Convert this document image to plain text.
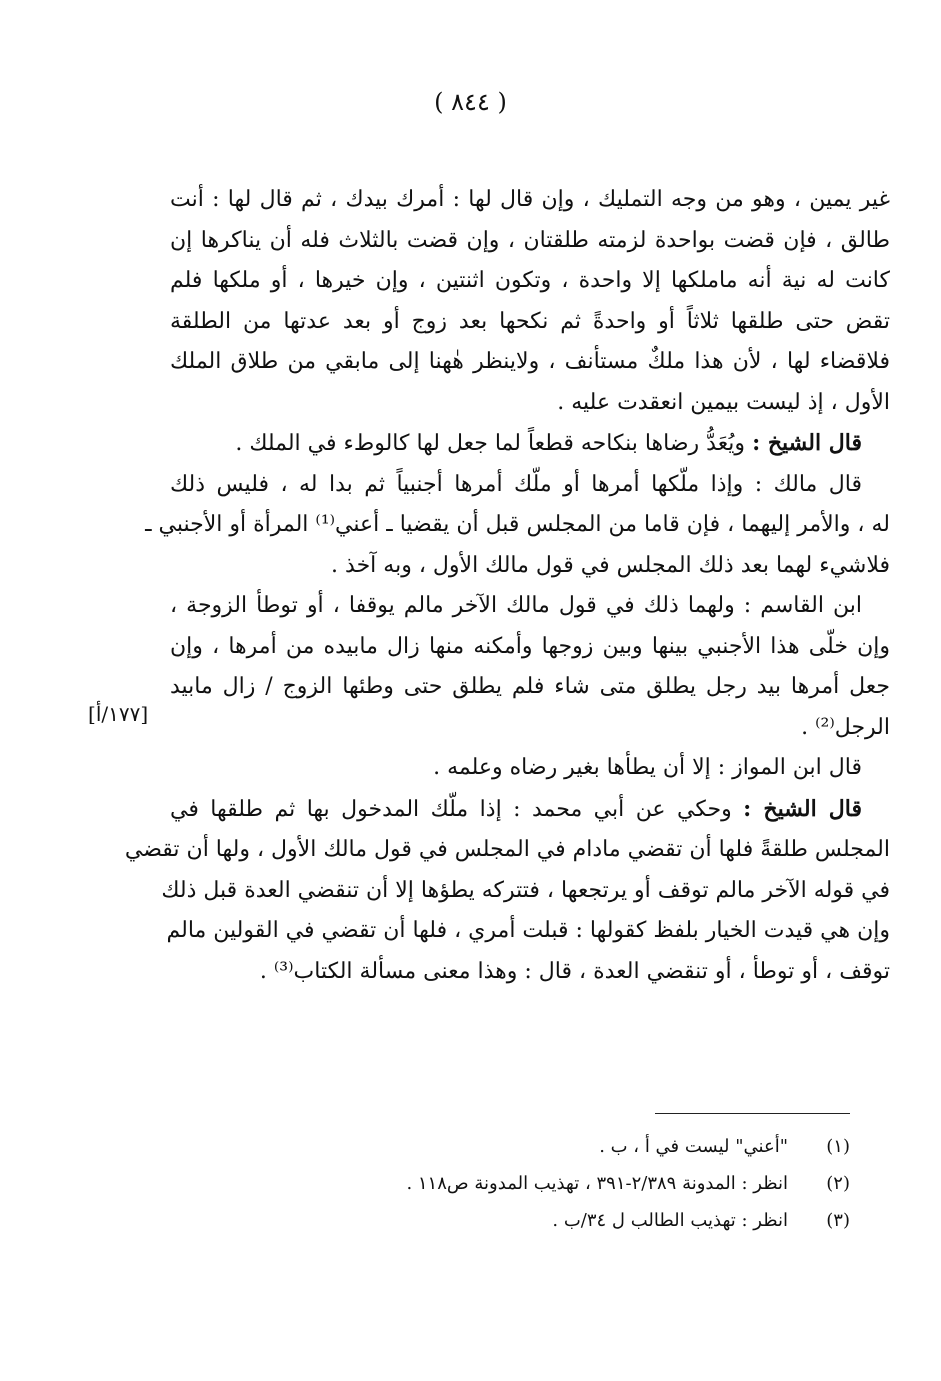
( ٨٤٤ )
غير يمين ، وهو من وجه التمليك ، وإن قال لها : أمرك بيدك ، ثم قال لها : أنت
طالق ، فإن قضت بواحدة لزمته طلقتان ، وإن قضت بالثلاث فله أن يناكرها إن
كانت له نية أنه ماملكها إلا واحدة ، وتكون اثنتين ، وإن خيرها ، أو ملكها فلم
تقض حتى طلقها ثلاثاً أو واحدةً ثم نكحها بعد زوج أو بعد عدتها من الطلقة
فلاقضاء لها ، لأن هذا ملكٌ مستأنف ، ولاينظر هٰهنا إلى مابقي من طلاق الملك
الأول ، إذ ليست بيمين انعقدت عليه .
قال الشيخ : ويُعَدُّ رضاها بنكاحه قطعاً لما جعل لها كالوطء في الملك .
قال مالك : وإذا ملّكها أمرها أو ملّك أمرها أجنبياً ثم بدا له ، فليس ذلك
له ، والأمر إليهما ، فإن قاما من المجلس قبل أن يقضيا ـ أعني⁽¹⁾ المرأة أو الأجنبي ـ
فلاشيء لهما بعد ذلك المجلس في قول مالك الأول ، وبه آخذ .
ابن القاسم : ولهما ذلك في قول مالك الآخر مالم يوقفا ، أو توطأ الزوجة ،
وإن خلّى هذا الأجنبي بينها وبين زوجها وأمكنه منها زال مابيده من أمرها ، وإن
جعل أمرها بيد رجل يطلق متى شاء فلم يطلق حتى وطئها الزوج / زال مابيد
الرجل⁽²⁾ .
قال ابن المواز : إلا أن يطأها بغير رضاه وعلمه .
قال الشيخ : وحكي عن أبي محمد : إذا ملّك المدخول بها ثم طلقها في
المجلس طلقةً فلها أن تقضي مادام في المجلس في قول مالك الأول ، ولها أن تقضي
في قوله الآخر مالم توقف أو يرتجعها ، فتتركه يطؤها إلا أن تنقضي العدة قبل ذلك
وإن هي قيدت الخيار بلفظ كقولها : قبلت أمري ، فلها أن تقضي في القولين مالم
توقف ، أو توطأ ، أو تنقضي العدة ، قال : وهذا معنى مسألة الكتاب⁽³⁾ .
[١٧٧/أ]
(١)
"أعني" ليست في أ ، ب .
(٢)
انظر : المدونة ٢/٣٨٩-٣٩١ ، تهذيب المدونة ص١١٨ .
(٣)
انظر : تهذيب الطالب ل ٣٤/ب .
